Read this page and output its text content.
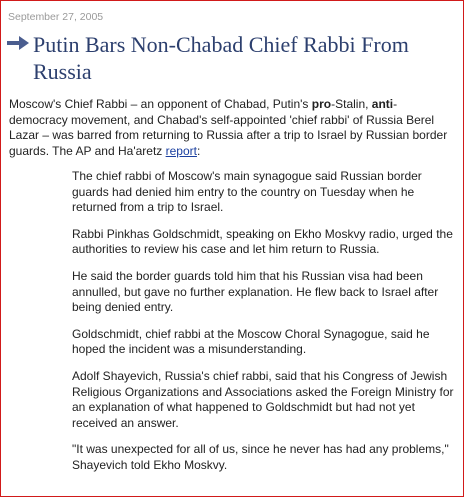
September 27, 2005
Putin Bars Non-Chabad Chief Rabbi From Russia

Moscow's Chief Rabbi – an opponent of Chabad, Putin's pro-Stalin, anti-democracy movement, and Chabad's self-appointed 'chief rabbi' of Russia Berel Lazar – was barred from returning to Russia after a trip to Israel by Russian border guards. The AP and Ha'aretz report:

The chief rabbi of Moscow's main synagogue said Russian border guards had denied him entry to the country on Tuesday when he returned from a trip to Israel.

Rabbi Pinkhas Goldschmidt, speaking on Ekho Moskvy radio, urged the authorities to review his case and let him return to Russia.

He said the border guards told him that his Russian visa had been annulled, but gave no further explanation. He flew back to Israel after being denied entry.

Goldschmidt, chief rabbi at the Moscow Choral Synagogue, said he hoped the incident was a misunderstanding.

Adolf Shayevich, Russia's chief rabbi, said that his Congress of Jewish Religious Organizations and Associations asked the Foreign Ministry for an explanation of what happened to Goldschmidt but had not yet received an answer.

"It was unexpected for all of us, since he never has had any problems," Shayevich told Ekho Moskvy.
